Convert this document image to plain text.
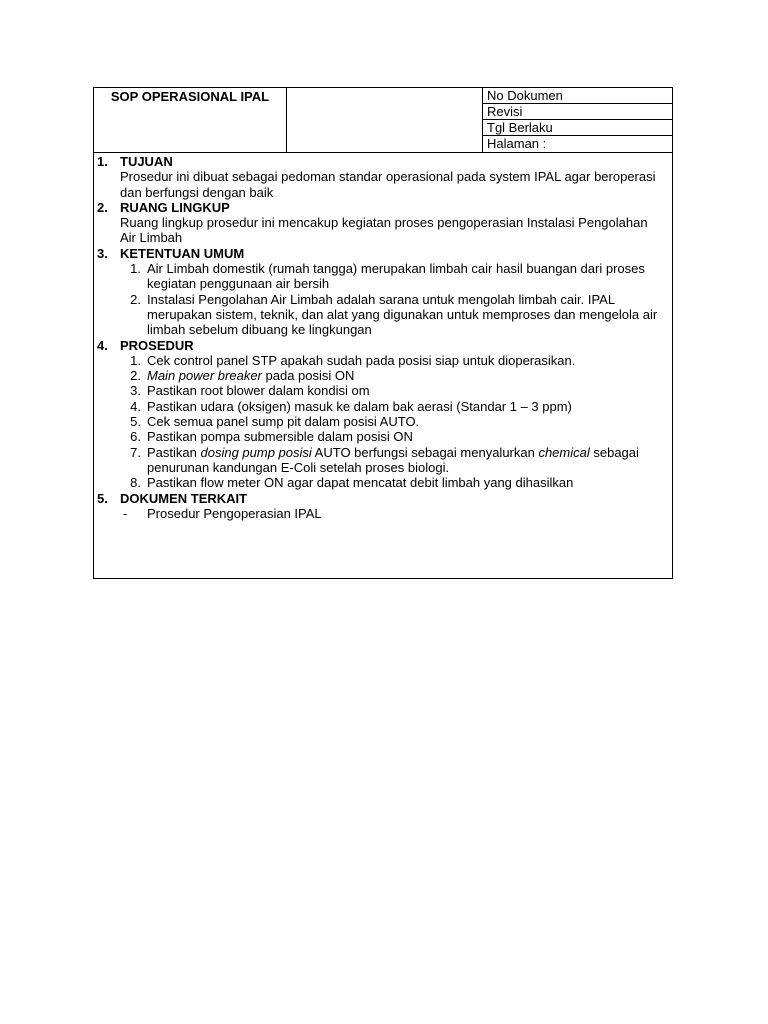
SOP OPERASIONAL IPAL	No Dokumen
Revisi
Tgl Berlaku
Halaman :
1. TUJUAN
Prosedur ini dibuat sebagai pedoman standar operasional pada system IPAL agar beroperasi dan berfungsi dengan baik
2. RUANG LINGKUP
Ruang lingkup prosedur ini mencakup kegiatan proses pengoperasian Instalasi Pengolahan Air Limbah
3. KETENTUAN UMUM
1. Air Limbah domestik (rumah tangga) merupakan limbah cair hasil buangan dari proses kegiatan penggunaan air bersih
2. Instalasi Pengolahan Air Limbah adalah sarana untuk mengolah limbah cair. IPAL merupakan sistem, teknik, dan alat yang digunakan untuk memproses dan mengelola air limbah sebelum dibuang ke lingkungan
4. PROSEDUR
1. Cek control panel STP apakah sudah pada posisi siap untuk dioperasikan.
2. Main power breaker pada posisi ON
3. Pastikan root blower dalam kondisi om
4. Pastikan udara (oksigen) masuk ke dalam bak aerasi (Standar 1 – 3 ppm)
5. Cek semua panel sump pit dalam posisi AUTO.
6. Pastikan pompa submersible dalam posisi ON
7. Pastikan dosing pump posisi AUTO berfungsi sebagai menyalurkan chemical sebagai penurunan kandungan E-Coli setelah proses biologi.
8. Pastikan flow meter ON agar dapat mencatat debit limbah yang dihasilkan
5. DOKUMEN TERKAIT
-	Prosedur Pengoperasian IPAL
